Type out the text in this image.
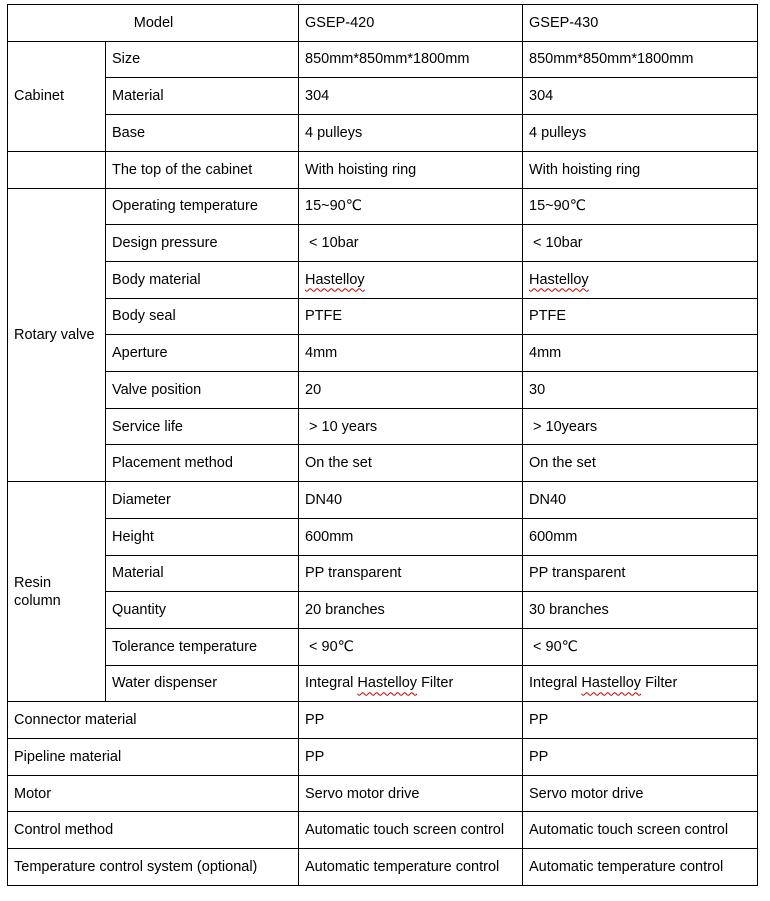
Model		GSEP-420	GSEP-430
Cabinet	Size	850mm*850mm*1800mm	850mm*850mm*1800mm
	Material	304	304
	Base	4 pulleys	4 pulleys
	The top of the cabinet	With hoisting ring	With hoisting ring
Rotary valve	Operating temperature	15~90℃	15~90℃
	Design pressure	< 10bar	< 10bar
	Body material	Hastelloy	Hastelloy
	Body seal	PTFE	PTFE
	Aperture	4mm	4mm
	Valve position	20	30
	Service life	> 10 years	> 10years
	Placement method	On the set	On the set
Resin column	Diameter	DN40	DN40
	Height	600mm	600mm
	Material	PP transparent	PP transparent
	Quantity	20 branches	30 branches
	Tolerance temperature	< 90℃	< 90℃
	Water dispenser	Integral Hastelloy Filter	Integral Hastelloy Filter
Connector material		PP	PP
Pipeline material		PP	PP
Motor		Servo motor drive	Servo motor drive
Control method		Automatic touch screen control	Automatic touch screen control
Temperature control system (optional)		Automatic temperature control	Automatic temperature control
